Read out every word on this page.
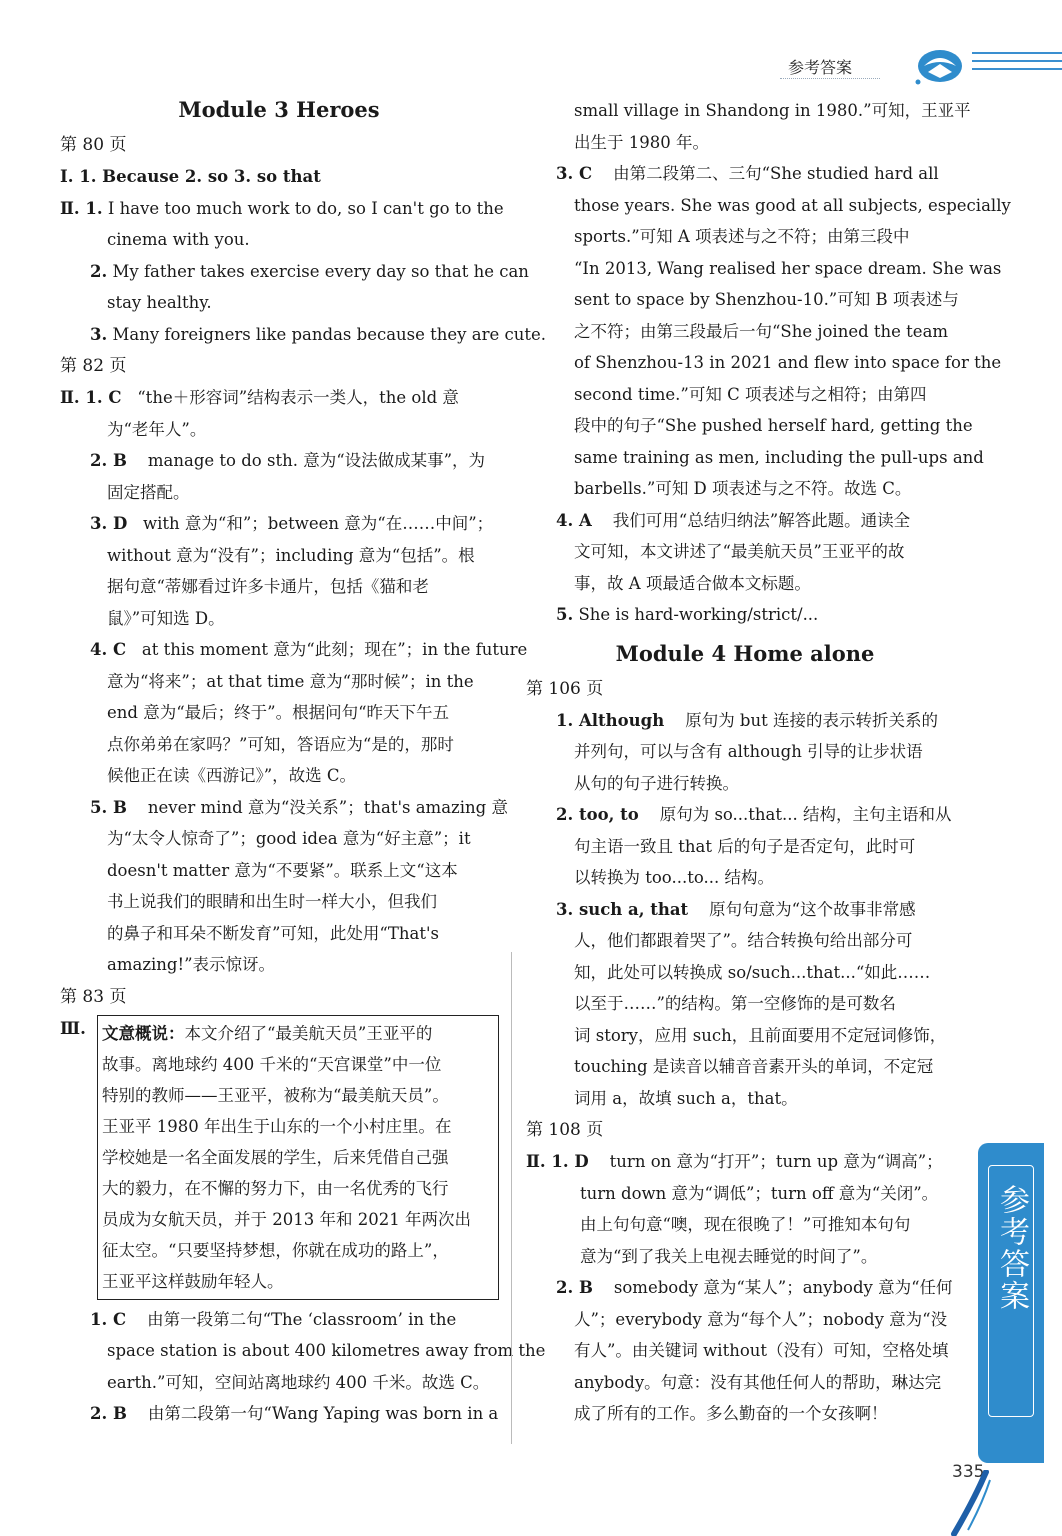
参考答案
Module 3 Heroes
第 80 页
Ⅰ. 1. Because 2. so 3. so that
Ⅱ. 1. I have too much work to do, so I can't go to the
cinema with you.
2. My father takes exercise every day so that he can
stay healthy.
3. Many foreigners like pandas because they are cute.
第 82 页
Ⅱ. 1. C “the＋形容词”结构表示一类人，the old 意
为“老年人”。
2. B manage to do sth. 意为“设法做成某事”，为
固定搭配。
3. D with 意为“和”；between 意为“在……中间”；
without 意为“没有”；including 意为“包括”。根
据句意“蒂娜看过许多卡通片，包括《猫和老
鼠》”可知选 D。
4. C at this moment 意为“此刻；现在”；in the future
意为“将来”；at that time 意为“那时候”；in the
end 意为“最后；终于”。根据问句“昨天下午五
点你弟弟在家吗？”可知，答语应为“是的，那时
候他正在读《西游记》”，故选 C。
5. B never mind 意为“没关系”；that's amazing 意
为“太令人惊奇了”；good idea 意为“好主意”；it
doesn't matter 意为“不要紧”。联系上文“这本
书上说我们的眼睛和出生时一样大小，但我们
的鼻子和耳朵不断发育”可知，此处用“That's
amazing!”表示惊讶。
第 83 页
Ⅲ. 文意概说：本文介绍了“最美航天员”王亚平的
故事。离地球约 400 千米的“天宫课堂”中一位
特别的教师——王亚平，被称为“最美航天员”。
王亚平 1980 年出生于山东的一个小村庄里。在
学校她是一名全面发展的学生，后来凭借自己强
大的毅力，在不懈的努力下，由一名优秀的飞行
员成为女航天员，并于 2013 年和 2021 年两次出
征太空。“只要坚持梦想，你就在成功的路上”，
王亚平这样鼓励年轻人。
1. C 由第一段第二句“The ‘classroom’ in the
space station is about 400 kilometres away from the
earth.”可知，空间站离地球约 400 千米。故选 C。
2. B 由第二段第一句“Wang Yaping was born in a
small village in Shandong in 1980.”可知，王亚平
出生于 1980 年。
3. C 由第二段第二、三句“She studied hard all
those years. She was good at all subjects, especially
sports.”可知 A 项表述与之不符；由第三段中
“In 2013, Wang realised her space dream. She was
sent to space by Shenzhou-10.”可知 B 项表述与
之不符；由第三段最后一句“She joined the team
of Shenzhou-13 in 2021 and flew into space for the
second time.”可知 C 项表述与之相符；由第四
段中的句子“She pushed herself hard, getting the
same training as men, including the pull-ups and
barbells.”可知 D 项表述与之不符。故选 C。
4. A 我们可用“总结归纳法”解答此题。通读全
文可知，本文讲述了“最美航天员”王亚平的故
事，故 A 项最适合做本文标题。
5. She is hard-working/strict/...
Module 4 Home alone
第 106 页
1. Although 原句为 but 连接的表示转折关系的
并列句，可以与含有 although 引导的让步状语
从句的句子进行转换。
2. too, to 原句为 so...that... 结构，主句主语和从
句主语一致且 that 后的句子是否定句，此时可
以转换为 too...to... 结构。
3. such a, that 原句句意为“这个故事非常感
人，他们都跟着哭了”。结合转换句给出部分可
知，此处可以转换成 so/such...that...“如此……
以至于……”的结构。第一空修饰的是可数名
词 story，应用 such，且前面要用不定冠词修饰，
touching 是读音以辅音音素开头的单词，不定冠
词用 a，故填 such a，that。
第 108 页
Ⅱ. 1. D turn on 意为“打开”；turn up 意为“调高”；
turn down 意为“调低”；turn off 意为“关闭”。
由上句句意“噢，现在很晚了！”可推知本句句
意为“到了我关上电视去睡觉的时间了”。
2. B somebody 意为“某人”；anybody 意为“任何
人”；everybody 意为“每个人”；nobody 意为“没
有人”。由关键词 without（没有）可知，空格处填
anybody。句意：没有其他任何人的帮助，琳达完
成了所有的工作。多么勤奋的一个女孩啊！
参考答案
335
